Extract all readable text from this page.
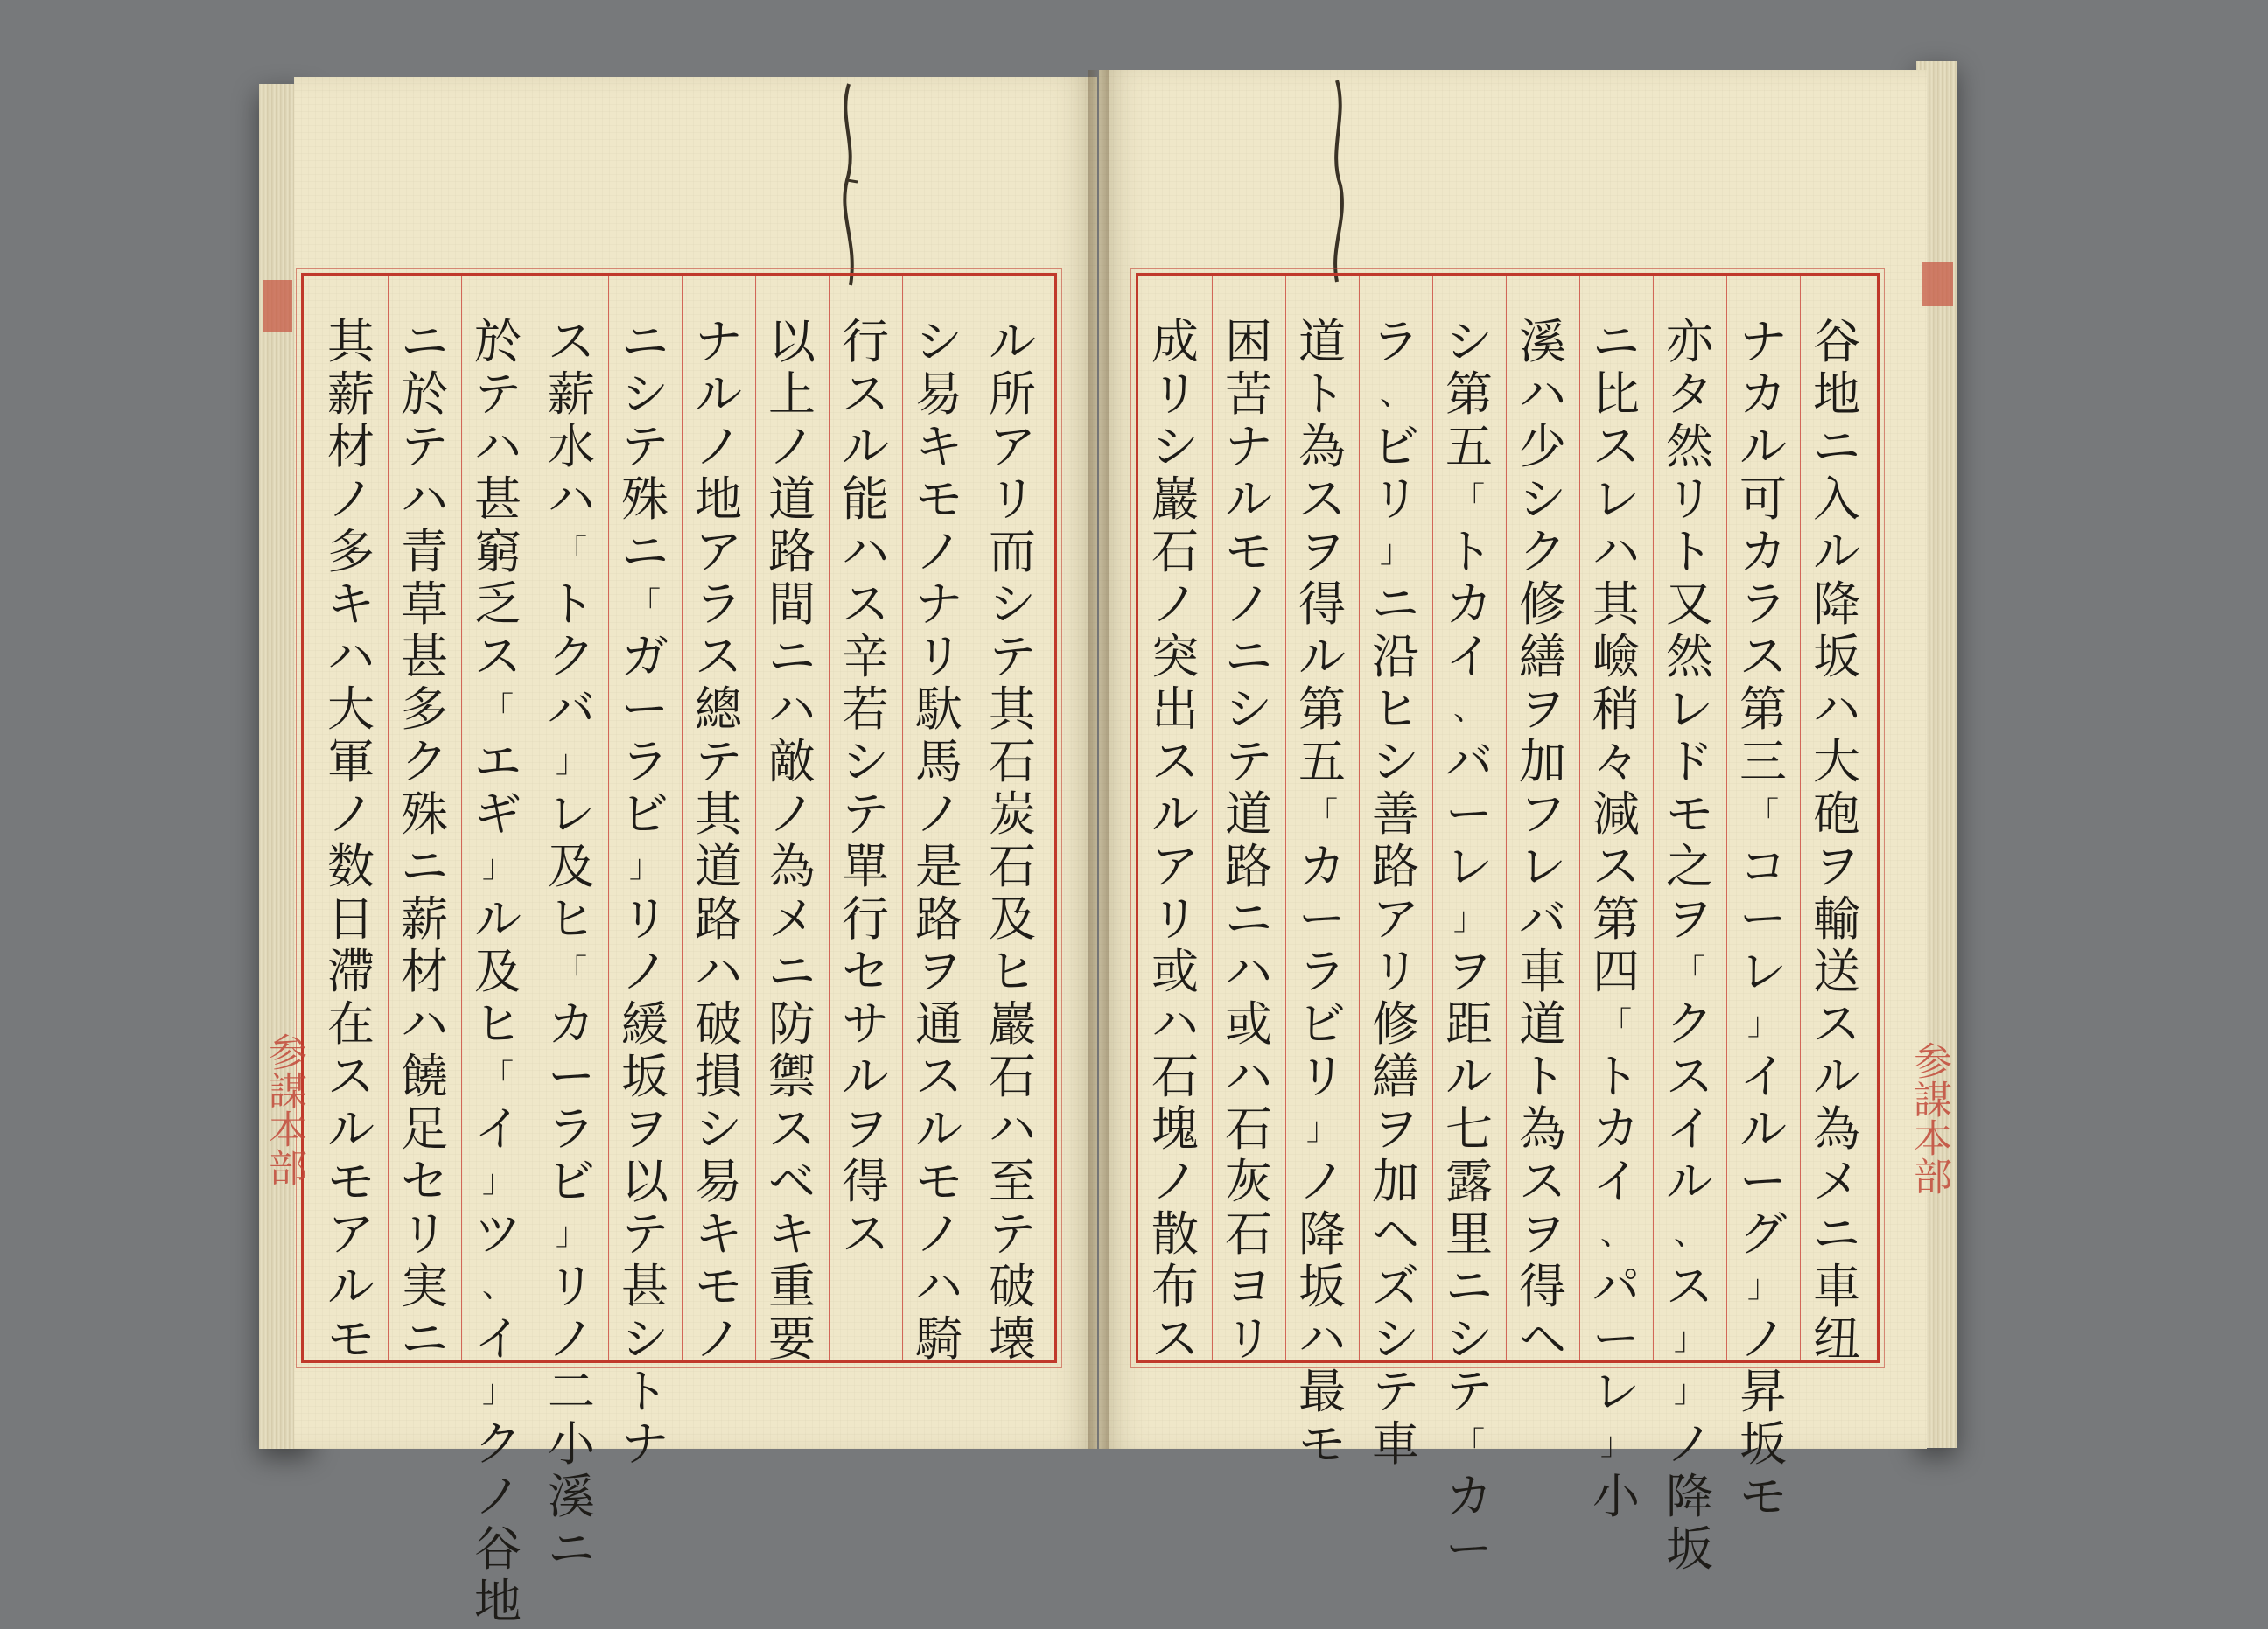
ル
所
ア
リ
而
シ
テ
其
石
炭
石
及
ヒ
巖
石
ハ
至
テ
破
壊
シ
易
キ
モ
ノ
ナ
リ
馱
馬
ノ
是
路
ヲ
通
ス
ル
モ
ノ
ハ
騎
行
ス
ル
能
ハ
ス
辛
若
シ
テ
單
行
セ
サ
ル
ヲ
得
ス
以
上
ノ
道
路
間
ニ
ハ
敵
ノ
為
メ
ニ
防
禦
ス
ベ
キ
重
要
ナ
ル
ノ
地
ア
ラ
ス
總
テ
其
道
路
ハ
破
損
シ
易
キ
モ
ノ
ニ
シ
テ
殊
ニ
「
ガ
ー
ラ
ビ
」
リ
ノ
緩
坂
ヲ
以
テ
甚
シ
ト
ナ
ス
薪
水
ハ
「
ト
ク
バ
」
レ
及
ヒ
「
カ
ー
ラ
ビ
」
リ
ノ
二
小
溪
ニ
於
テ
ハ
甚
窮
乏
ス
「
エ
ギ
」
ル
及
ヒ
「
イ
」
ツ
、
イ
」
ク
ノ
谷
地
ニ
於
テ
ハ
青
草
甚
多
ク
殊
ニ
薪
材
ハ
饒
足
セ
リ
実
ニ
其
薪
材
ノ
多
キ
ハ
大
軍
ノ
数
日
滯
在
ス
ル
モ
ア
ル
モ
谷
地
ニ
入
ル
降
坂
ハ
大
砲
ヲ
輸
送
ス
ル
為
メ
ニ
車
纽
ナ
カ
ル
可
カ
ラ
ス
第
三
「
コ
ー
レ
」
イ
ル
ー
グ
」
ノ
昇
坂
モ
亦
タ
然
リ
ト
又
然
レ
ド
モ
之
ヲ
「
ク
ス
イ
ル
、
ス
」
」
ノ
降
坂
ニ
比
ス
レ
ハ
其
嶮
稍
々
減
ス
第
四
「
ト
カ
イ
、
パ
ー
レ
」
小
溪
ハ
少
シ
ク
修
繕
ヲ
加
フ
レ
バ
車
道
ト
為
ス
ヲ
得
ヘ
シ
第
五
「
ト
カ
イ
、
バ
ー
レ
」
ヲ
距
ル
七
露
里
ニ
シ
テ
「
カ
ー
ラ
、
ビ
リ
」
ニ
沿
ヒ
シ
善
路
ア
リ
修
繕
ヲ
加
ヘ
ズ
シ
テ
車
道
ト
為
ス
ヲ
得
ル
第
五
「
カ
ー
ラ
ビ
リ
」
ノ
降
坂
ハ
最
モ
困
苦
ナ
ル
モ
ノ
ニ
シ
テ
道
路
ニ
ハ
或
ハ
石
灰
石
ヨ
リ
成
リ
シ
巖
石
ノ
突
出
ス
ル
ア
リ
或
ハ
石
塊
ノ
散
布
ス
参謀本部
参謀本部
